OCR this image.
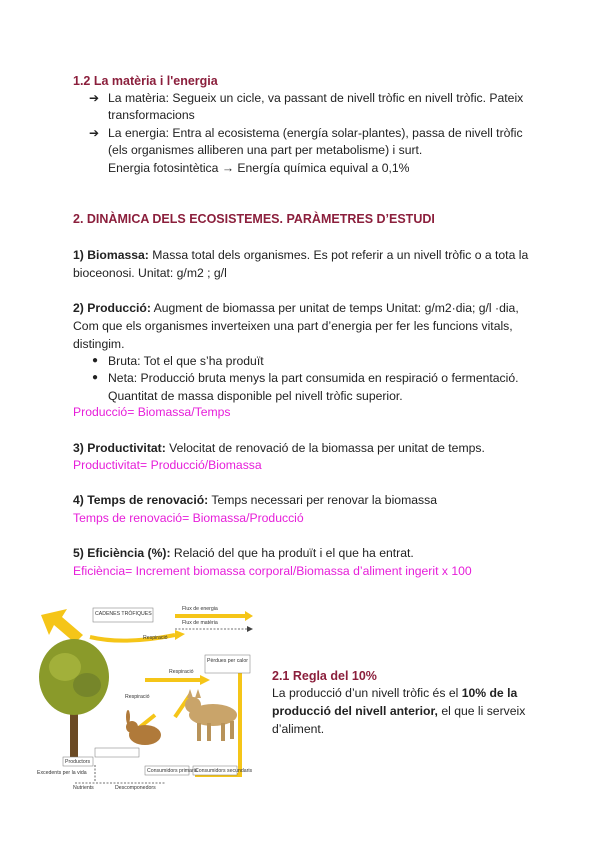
1.2 La matèria i l'energia
➔ La matèria: Segueix un cicle, va passant de nivell tròfic en nivell tròfic. Pateix
transformacions
➔ La energia: Entra al ecosistema (energía solar-plantes), passa de nivell tròfic
(els organismes alliberen una part per metabolisme) i surt.
Energia fotosintètica → Energía química equival a 0,1%
2. DINÀMICA DELS ECOSISTEMES. PARÀMETRES D’ESTUDI
1) Biomassa: Massa total dels organismes. Es pot referir a un nivell tròfic o a tota la
bioceonosi. Unitat: g/m2 ; g/l
2) Producció: Augment de biomassa per unitat de temps Unitat: g/m2·dia; g/l ·dia,
Com que els organismes inverteixen una part d’energia per fer les funcions vitals,
distingim.
● Bruta: Tot el que s’ha produït
● Neta: Producció bruta menys la part consumida en respiració o fermentació.
Quantitat de massa disponible pel nivell tròfic superior.
Producció= Biomassa/Temps
3) Productivitat: Velocitat de renovació de la biomassa per unitat de temps.
Productivitat= Producció/Biomassa
4) Temps de renovació: Temps necessari per renovar la biomassa
Temps de renovació= Biomassa/Producció
5) Eficiència (%): Relació del que ha produït i el que ha entrat.
Eficiència= Increment biomassa corporal/Biomassa d’aliment ingerit x 100
CADENES TRÒFIQUES
Flux de energia
Flux de matèria
Respiració
Respiració
Pèrdues per calor
Respiració
Consumidors primaris
Consumidors secundaris
Productors
Excedents per la vida
Nutrients	Descomponedors
2.1 Regla del 10%
La producció d’un nivell tròfic és el 10% de la
producció del nivell anterior, el que li serveix
d’aliment.
